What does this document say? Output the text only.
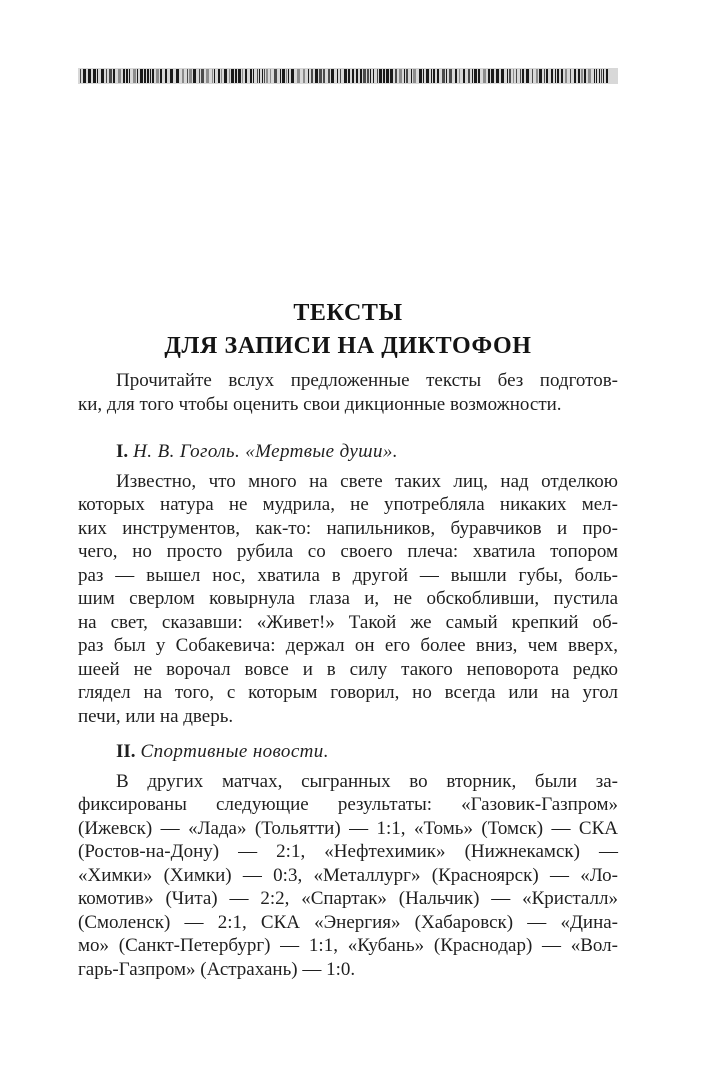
ТЕКСТЫ
ДЛЯ ЗАПИСИ НА ДИКТОФОН
Прочитайте вслух предложенные тексты без подготов-
ки, для того чтобы оценить свои дикционные возможности.
I. Н. В. Гоголь. «Мертвые души».
Известно, что много на свете таких лиц, над отделкою
которых натура не мудрила, не употребляла никаких мел-
ких инструментов, как-то: напильников, буравчиков и про-
чего, но просто рубила со своего плеча: хватила топором
раз — вышел нос, хватила в другой — вышли губы, боль-
шим сверлом ковырнула глаза и, не обскобливши, пустила
на свет, сказавши: «Живет!» Такой же самый крепкий об-
раз был у Собакевича: держал он его более вниз, чем вверх,
шеей не ворочал вовсе и в силу такого неповорота редко
глядел на того, с которым говорил, но всегда или на угол
печи, или на дверь.
II. Спортивные новости.
В других матчах, сыгранных во вторник, были за-
фиксированы следующие результаты: «Газовик-Газпром»
(Ижевск) — «Лада» (Тольятти) — 1:1, «Томь» (Томск) — СКА
(Ростов-на-Дону) — 2:1, «Нефтехимик» (Нижнекамск) —
«Химки» (Химки) — 0:3, «Металлург» (Красноярск) — «Ло-
комотив» (Чита) — 2:2, «Спартак» (Нальчик) — «Кристалл»
(Смоленск) — 2:1, СКА «Энергия» (Хабаровск) — «Дина-
мо» (Санкт-Петербург) — 1:1, «Кубань» (Краснодар) — «Вол-
гарь-Газпром» (Астрахань) — 1:0.
